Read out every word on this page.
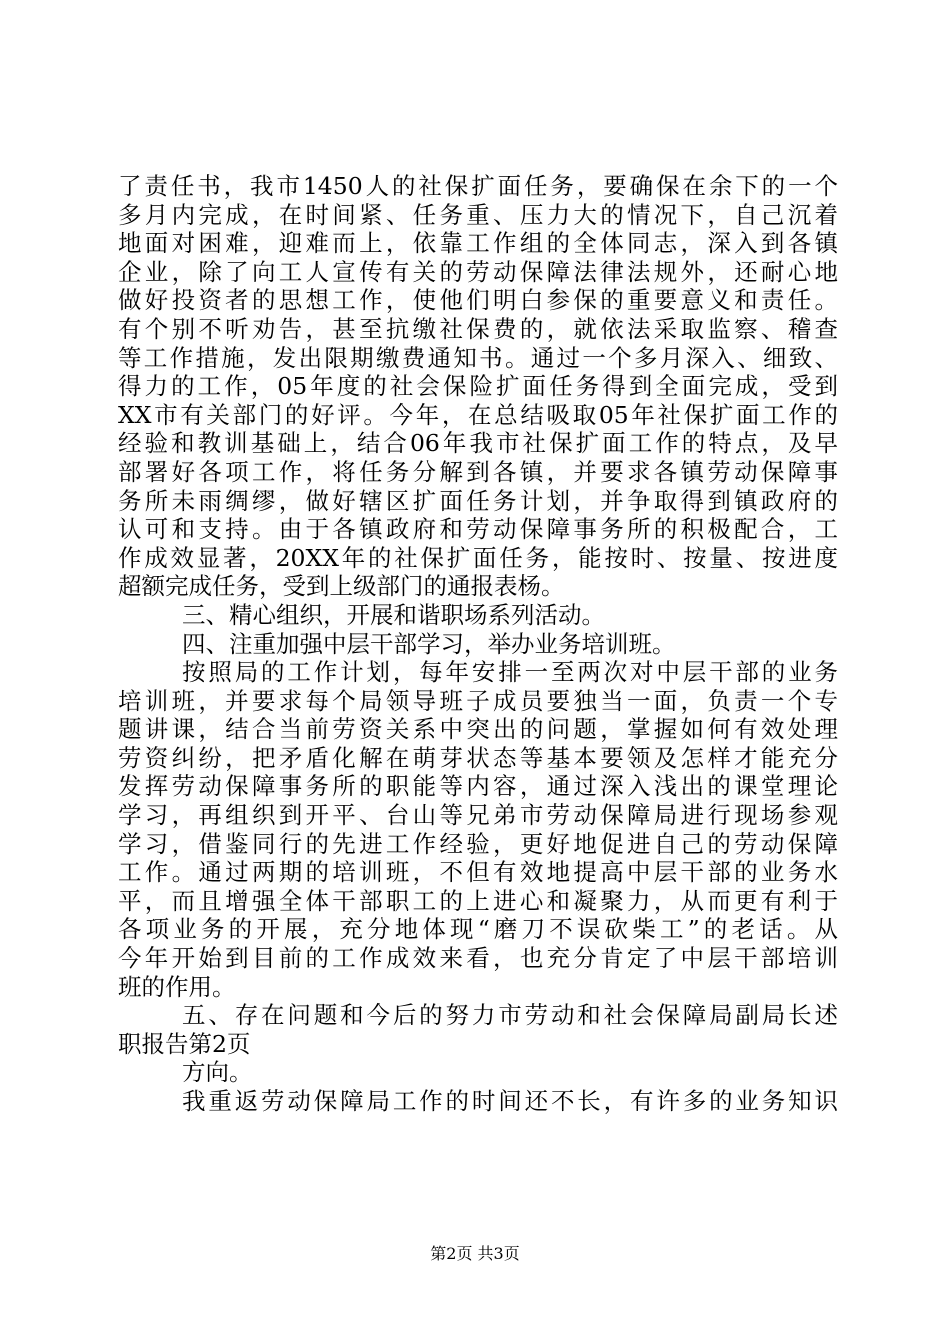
了责任书，我市1450人的社保扩面任务，要确保在余下的一个
多月内完成，在时间紧、任务重、压力大的情况下，自己沉着
地面对困难，迎难而上，依靠工作组的全体同志，深入到各镇
企业，除了向工人宣传有关的劳动保障法律法规外，还耐心地
做好投资者的思想工作，使他们明白参保的重要意义和责任。
有个别不听劝告，甚至抗缴社保费的，就依法采取监察、稽查
等工作措施，发出限期缴费通知书。通过一个多月深入、细致、
得力的工作，05年度的社会保险扩面任务得到全面完成，受到
XX市有关部门的好评。今年，在总结吸取05年社保扩面工作的
经验和教训基础上，结合06年我市社保扩面工作的特点，及早
部署好各项工作，将任务分解到各镇，并要求各镇劳动保障事
务所未雨绸缪，做好辖区扩面任务计划，并争取得到镇政府的
认可和支持。由于各镇政府和劳动保障事务所的积极配合，工
作成效显著，20XX年的社保扩面任务，能按时、按量、按进度
超额完成任务，受到上级部门的通报表杨。
三、精心组织，开展和谐职场系列活动。
四、注重加强中层干部学习，举办业务培训班。
按照局的工作计划，每年安排一至两次对中层干部的业务
培训班，并要求每个局领导班子成员要独当一面，负责一个专
题讲课，结合当前劳资关系中突出的问题，掌握如何有效处理
劳资纠纷，把矛盾化解在萌芽状态等基本要领及怎样才能充分
发挥劳动保障事务所的职能等内容，通过深入浅出的课堂理论
学习，再组织到开平、台山等兄弟市劳动保障局进行现场参观
学习，借鉴同行的先进工作经验，更好地促进自己的劳动保障
工作。通过两期的培训班，不但有效地提高中层干部的业务水
平，而且增强全体干部职工的上进心和凝聚力，从而更有利于
各项业务的开展，充分地体现“磨刀不误砍柴工”的老话。从
今年开始到目前的工作成效来看，也充分肯定了中层干部培训
班的作用。
五、存在问题和今后的努力市劳动和社会保障局副局长述
职报告第2页
方向。
我重返劳动保障局工作的时间还不长，有许多的业务知识
第2页 共3页
